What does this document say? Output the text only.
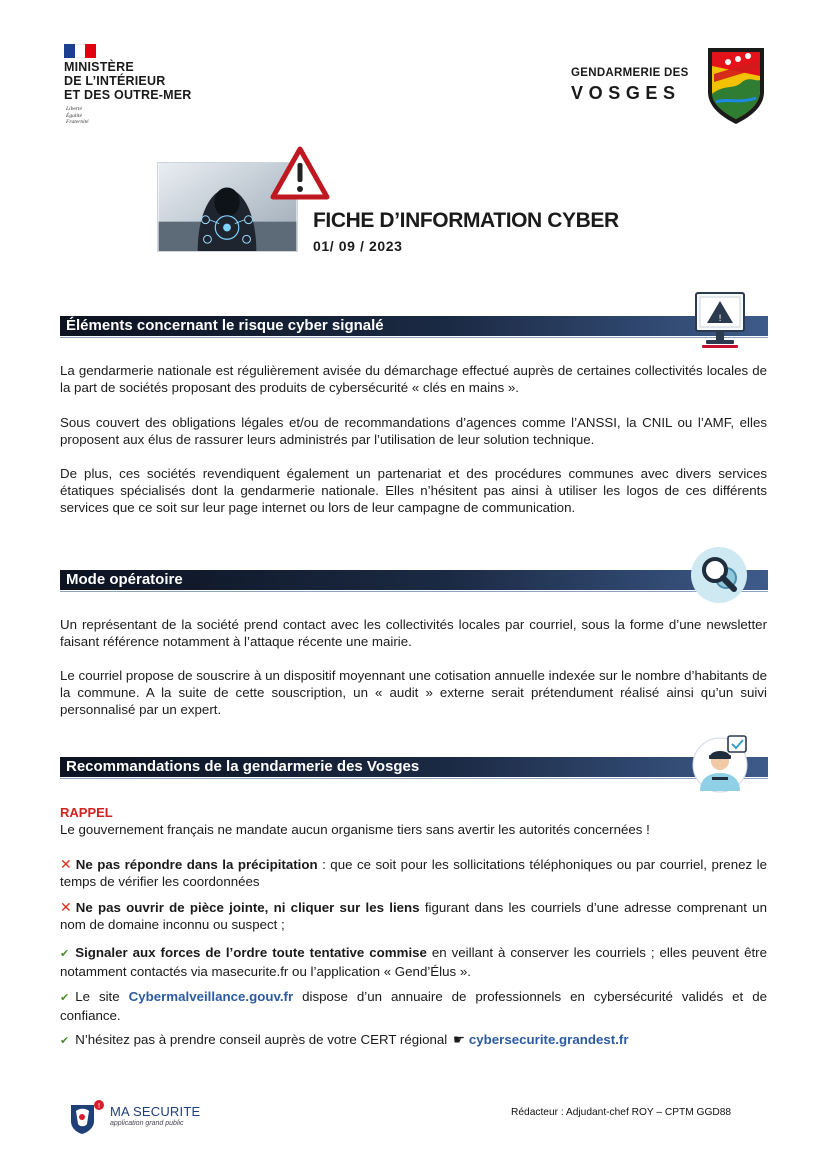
MINISTÈRE
DE L’INTÉRIEUR
ET DES OUTRE-MER
Liberté
Égalité
Fraternité
GENDARMERIE DES
VOSGES
FICHE D’INFORMATION CYBER
01/ 09 / 2023
Éléments concernant le risque cyber signalé	!
La gendarmerie nationale est régulièrement avisée du démarchage effectué auprès de certaines collectivités locales de la part de sociétés proposant des produits de cybersécurité « clés en mains ».
Sous couvert des obligations légales et/ou de recommandations d’agences comme l’ANSSI, la CNIL ou l’AMF, elles proposent aux élus de rassurer leurs administrés par l’utilisation de leur solution technique.
De plus, ces sociétés revendiquent également un partenariat et des procédures communes avec divers services étatiques spécialisés dont la gendarmerie nationale. Elles n’hésitent pas ainsi à utiliser les logos de ces différents services que ce soit sur leur page internet ou lors de leur campagne de communication.
Mode opératoire
Un représentant de la société prend contact avec les collectivités locales par courriel, sous la forme d’une newsletter faisant référence notamment à l’attaque récente une mairie.
Le courriel propose de souscrire à un dispositif moyennant une cotisation annuelle indexée sur le nombre d’habitants de la commune. A la suite de cette souscription, un « audit » externe serait prétendument réalisé ainsi qu’un suivi personnalisé par un expert.
Recommandations de la gendarmerie des Vosges
RAPPEL
Le gouvernement français ne mandate aucun organisme tiers sans avertir les autorités concernées !
✕ Ne pas répondre dans la précipitation : que ce soit pour les sollicitations téléphoniques ou par courriel, prenez le temps de vérifier les coordonnées
✕ Ne pas ouvrir de pièce jointe, ni cliquer sur les liens figurant dans les courriels d’une adresse comprenant un nom de domaine inconnu ou suspect ;
✔ Signaler aux forces de l’ordre toute tentative commise en veillant à conserver les courriels ; elles peuvent être notamment contactés via masecurite.fr ou l’application « Gend’Élus ».
✔ Le site Cybermalveillance.gouv.fr dispose d’un annuaire de professionnels en cybersécurité validés et de confiance.
✔ N’hésitez pas à prendre conseil auprès de votre CERT régional ☛ cybersecurite.grandest.fr
! MA SECURITE
application grand public
Rédacteur : Adjudant-chef ROY – CPTM GGD88
